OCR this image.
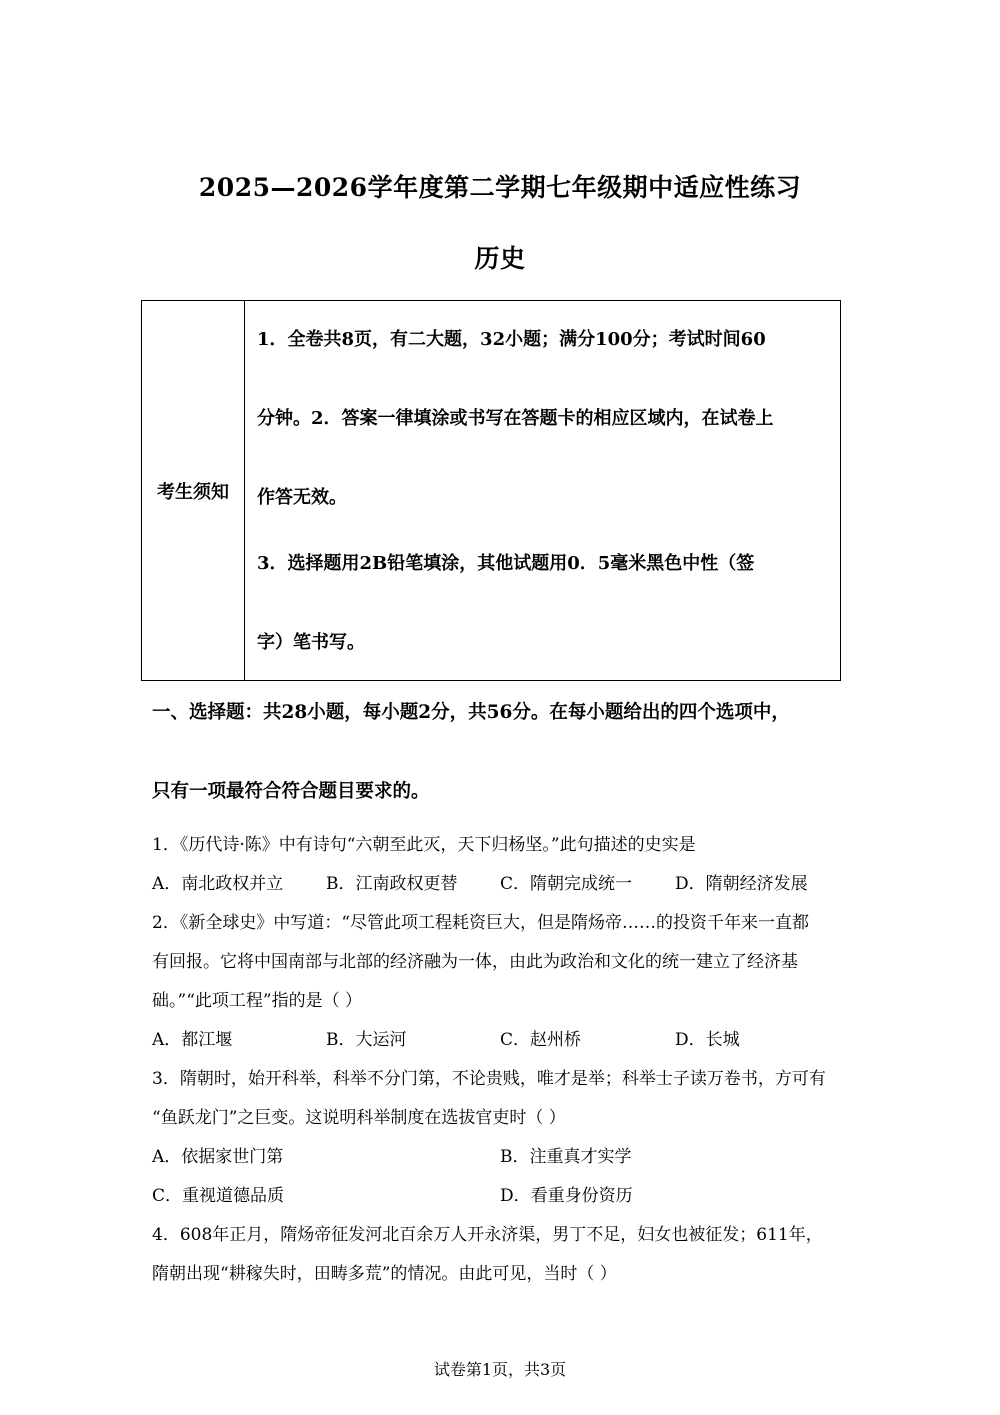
2025—2026学年度第二学期七年级期中适应性练习
历史
考生须知
1．全卷共8页，有二大题，32小题；满分100分；考试时间60
分钟。2．答案一律填涂或书写在答题卡的相应区域内，在试卷上
作答无效。
3．选择题用2B铅笔填涂，其他试题用0．5毫米黑色中性（签
字）笔书写。
一、选择题：共28小题，每小题2分，共56分。在每小题给出的四个选项中，
只有一项最符合符合题目要求的。
1．《历代诗·陈》中有诗句“六朝至此灭，天下归杨坚。”此句描述的史实是
A．南北政权并立	B．江南政权更替	C．隋朝完成统一	D．隋朝经济发展
2．《新全球史》中写道：“尽管此项工程耗资巨大，但是隋炀帝……的投资千年来一直都
有回报。它将中国南部与北部的经济融为一体，由此为政治和文化的统一建立了经济基
础。”“此项工程”指的是（ ）
A．都江堰	B．大运河	C．赵州桥	D．长城
3．隋朝时，始开科举，科举不分门第，不论贵贱，唯才是举；科举士子读万卷书，方可有
“鱼跃龙门”之巨变。这说明科举制度在选拔官吏时（ ）
A．依据家世门第	B．注重真才实学
C．重视道德品质	D．看重身份资历
4．608年正月，隋炀帝征发河北百余万人开永济渠，男丁不足，妇女也被征发；611年，
隋朝出现“耕稼失时，田畴多荒”的情况。由此可见，当时（ ）
试卷第1页，共3页
